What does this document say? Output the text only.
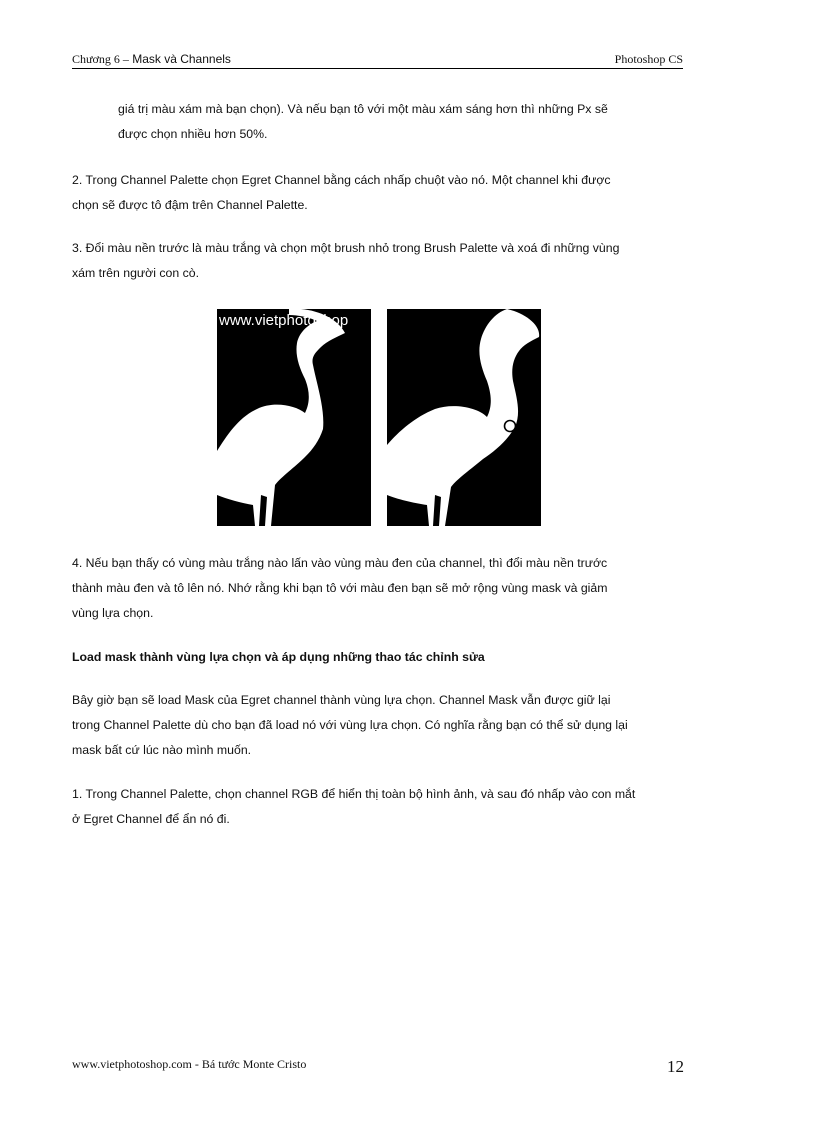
Chương 6 – Mask và Channels	Photoshop CS

giá trị màu xám mà bạn chọn). Và nếu bạn tô với một màu xám sáng hơn thì những Px sẽ
được chọn nhiều hơn 50%.

2. Trong Channel Palette chọn Egret Channel bằng cách nhấp chuột vào nó. Một channel khi được
chọn sẽ được tô đậm trên Channel Palette.

3. Đổi màu nền trước là màu trắng và chọn một brush nhỏ trong Brush Palette và xoá đi những vùng
xám trên người con cò.

www.vietphotoshop

4. Nếu bạn thấy có vùng màu trắng nào lấn vào vùng màu đen của channel, thì đổi màu nền trước
thành màu đen và tô lên nó. Nhớ rằng khi bạn tô với màu đen bạn sẽ mở rộng vùng mask và giảm
vùng lựa chọn.

Load mask thành vùng lựa chọn và áp dụng những thao tác chỉnh sửa

Bây giờ bạn sẽ load Mask của Egret channel thành vùng lựa chọn. Channel Mask vẫn được giữ lại
trong Channel Palette dù cho bạn đã load nó với vùng lựa chọn. Có nghĩa rằng bạn có thể sử dụng lại
mask bất cứ lúc nào mình muốn.

1. Trong Channel Palette, chọn channel RGB để hiển thị toàn bộ hình ảnh, và sau đó nhấp vào con mắt
ở Egret Channel để ẩn nó đi.

www.vietphotoshop.com - Bá tước Monte Cristo	12
